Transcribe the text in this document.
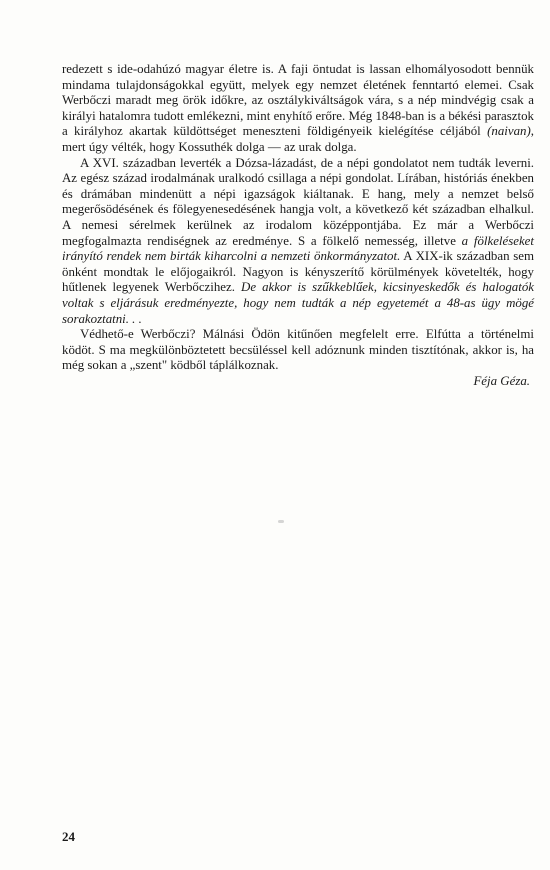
redezett s ide-odahúzó magyar életre is. A faji öntudat is lassan elhomályosodott bennük mindama tulajdonságokkal együtt, melyek egy nemzet életének fenntartó elemei. Csak Werbőczi maradt meg örök időkre, az osztálykiváltságok vára, s a nép mindvégig csak a királyi hatalomra tudott emlékezni, mint enyhítő erőre. Még 1848-ban is a békési parasztok a királyhoz akartak küldöttséget meneszteni földigényeik kielégítése céljából (naivan), mert úgy vélték, hogy Kossuthék dolga — az urak dolga.

A XVI. században leverték a Dózsa-lázadást, de a népi gondolatot nem tudták leverni. Az egész század irodalmának uralkodó csillaga a népi gondolat. Lírában, históriás énekben és drámában mindenütt a népi igazságok kiáltanak. E hang, mely a nemzet belső megerősödésének és fölegyenesedésének hangja volt, a következő két században elhalkul. A nemesi sérelmek kerülnek az irodalom középpontjába. Ez már a Werbőczi megfogalmazta rendiségnek az eredménye. S a fölkelő nemesség, illetve a fölkeléseket irányító rendek nem birták kiharcolni a nemzeti önkormányzatot. A XIX-ik században sem önként mondtak le előjogaikról. Nagyon is kényszerítő körülmények követelték, hogy hűtlenek legyenek Werbőczihez. De akkor is szűkkeblűek, kicsinyeskedők és halogatók voltak s eljárásuk eredményezte, hogy nem tudták a nép egyetemét a 48-as ügy mögé sorakoztatni. . .

Védhető-e Werbőczi? Málnási Ödön kitűnően megfelelt erre. Elfútta a történelmi ködöt. S ma megkülönböztetett becsüléssel kell adóznunk minden tisztítónak, akkor is, ha még sokan a „szent" ködből táplálkoznak.

Féja Géza.

24
